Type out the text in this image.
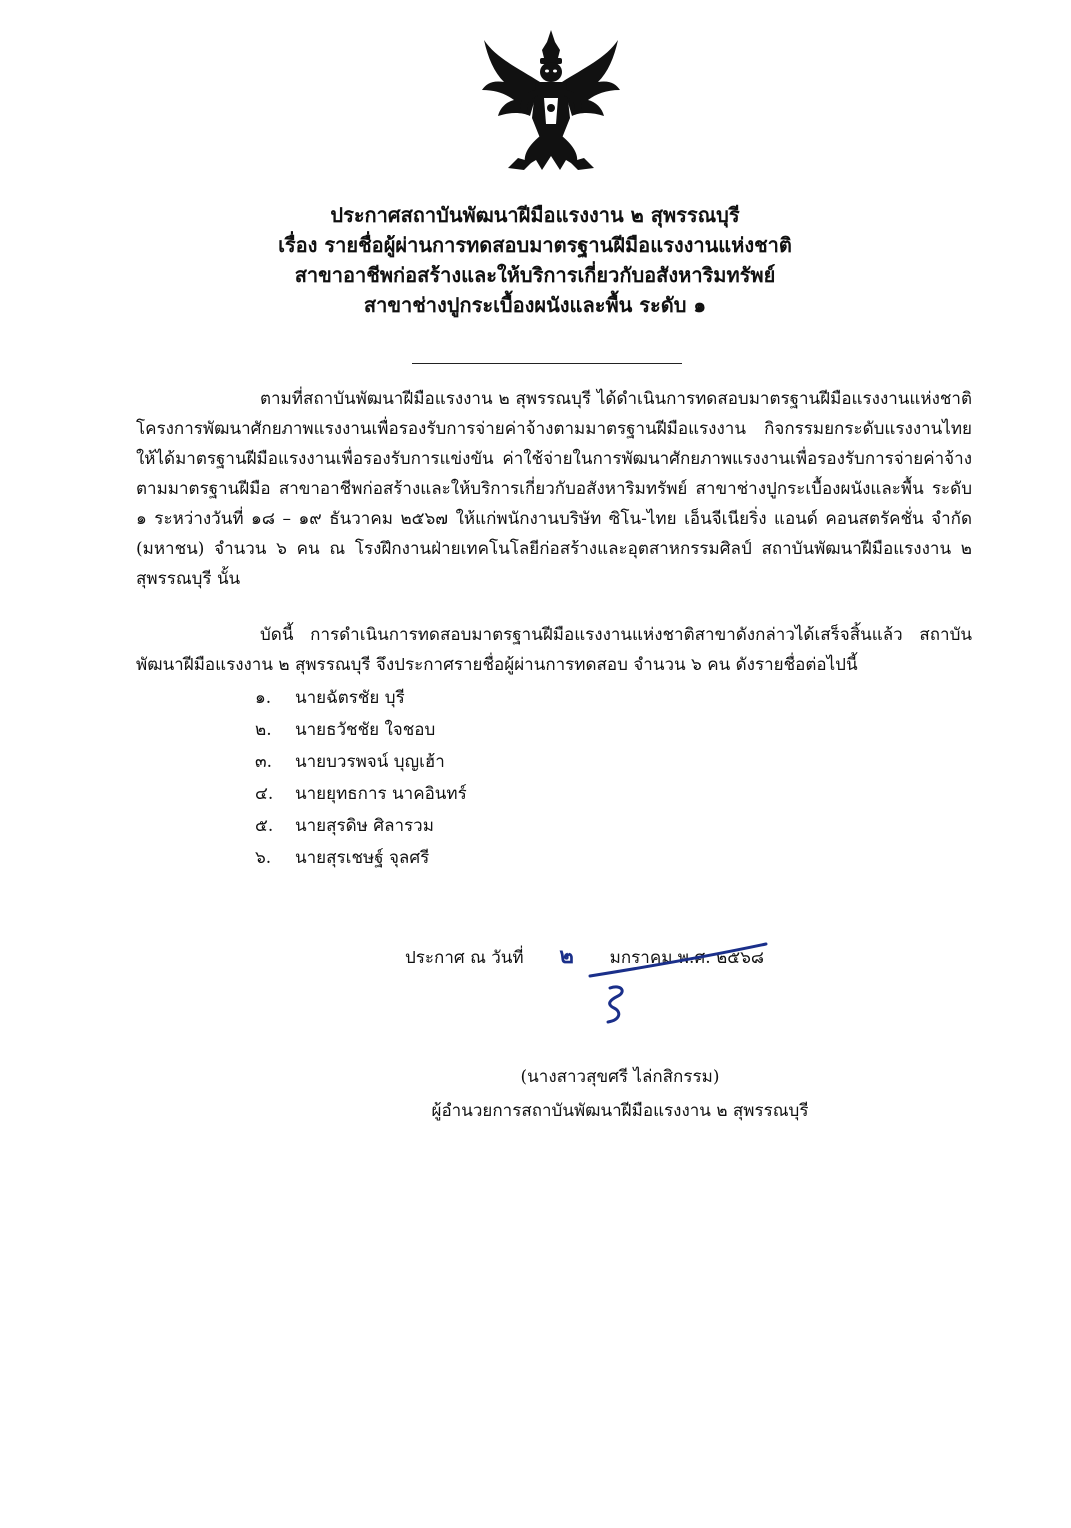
ประกาศสถาบันพัฒนาฝีมือแรงงาน ๒ สุพรรณบุรี
เรื่อง รายชื่อผู้ผ่านการทดสอบมาตรฐานฝีมือแรงงานแห่งชาติ
สาขาอาชีพก่อสร้างและให้บริการเกี่ยวกับอสังหาริมทรัพย์
สาขาช่างปูกระเบื้องผนังและพื้น ระดับ ๑
ตามที่สถาบันพัฒนาฝีมือแรงงาน ๒ สุพรรณบุรี ได้ดำเนินการทดสอบมาตรฐานฝีมือแรงงานแห่งชาติ โครงการพัฒนาศักยภาพแรงงานเพื่อรองรับการจ่ายค่าจ้างตามมาตรฐานฝีมือแรงงาน กิจกรรมยกระดับแรงงานไทยให้ได้มาตรฐานฝีมือแรงงานเพื่อรองรับการแข่งขัน ค่าใช้จ่ายในการพัฒนาศักยภาพแรงงานเพื่อรองรับการจ่ายค่าจ้างตามมาตรฐานฝีมือ สาขาอาชีพก่อสร้างและให้บริการเกี่ยวกับอสังหาริมทรัพย์ สาขาช่างปูกระเบื้องผนังและพื้น ระดับ ๑ ระหว่างวันที่ ๑๘ – ๑๙ ธันวาคม ๒๕๖๗ ให้แก่พนักงานบริษัท ซิโน-ไทย เอ็นจีเนียริ่ง แอนด์ คอนสตรัคชั่น จำกัด (มหาชน) จำนวน ๖ คน ณ โรงฝึกงานฝ่ายเทคโนโลยีก่อสร้างและอุตสาหกรรมศิลป์ สถาบันพัฒนาฝีมือแรงงาน ๒ สุพรรณบุรี นั้น
บัดนี้ การดำเนินการทดสอบมาตรฐานฝีมือแรงงานแห่งชาติสาขาดังกล่าวได้เสร็จสิ้นแล้ว สถาบันพัฒนาฝีมือแรงงาน ๒ สุพรรณบุรี จึงประกาศรายชื่อผู้ผ่านการทดสอบ จำนวน ๖ คน ดังรายชื่อต่อไปนี้
๑. นายฉัตรชัย บุรี
๒. นายธวัชชัย ใจชอบ
๓. นายบวรพจน์ บุญเฮ้า
๔. นายยุทธการ นาคอินทร์
๕. นายสุรดิษ ศิลารวม
๖. นายสุรเชษฐ์ จุลศรี
ประกาศ ณ วันที่ ๒ มกราคม พ.ศ. ๒๕๖๘
(นางสาวสุขศรี ไล่กสิกรรม)
ผู้อำนวยการสถาบันพัฒนาฝีมือแรงงาน ๒ สุพรรณบุรี
